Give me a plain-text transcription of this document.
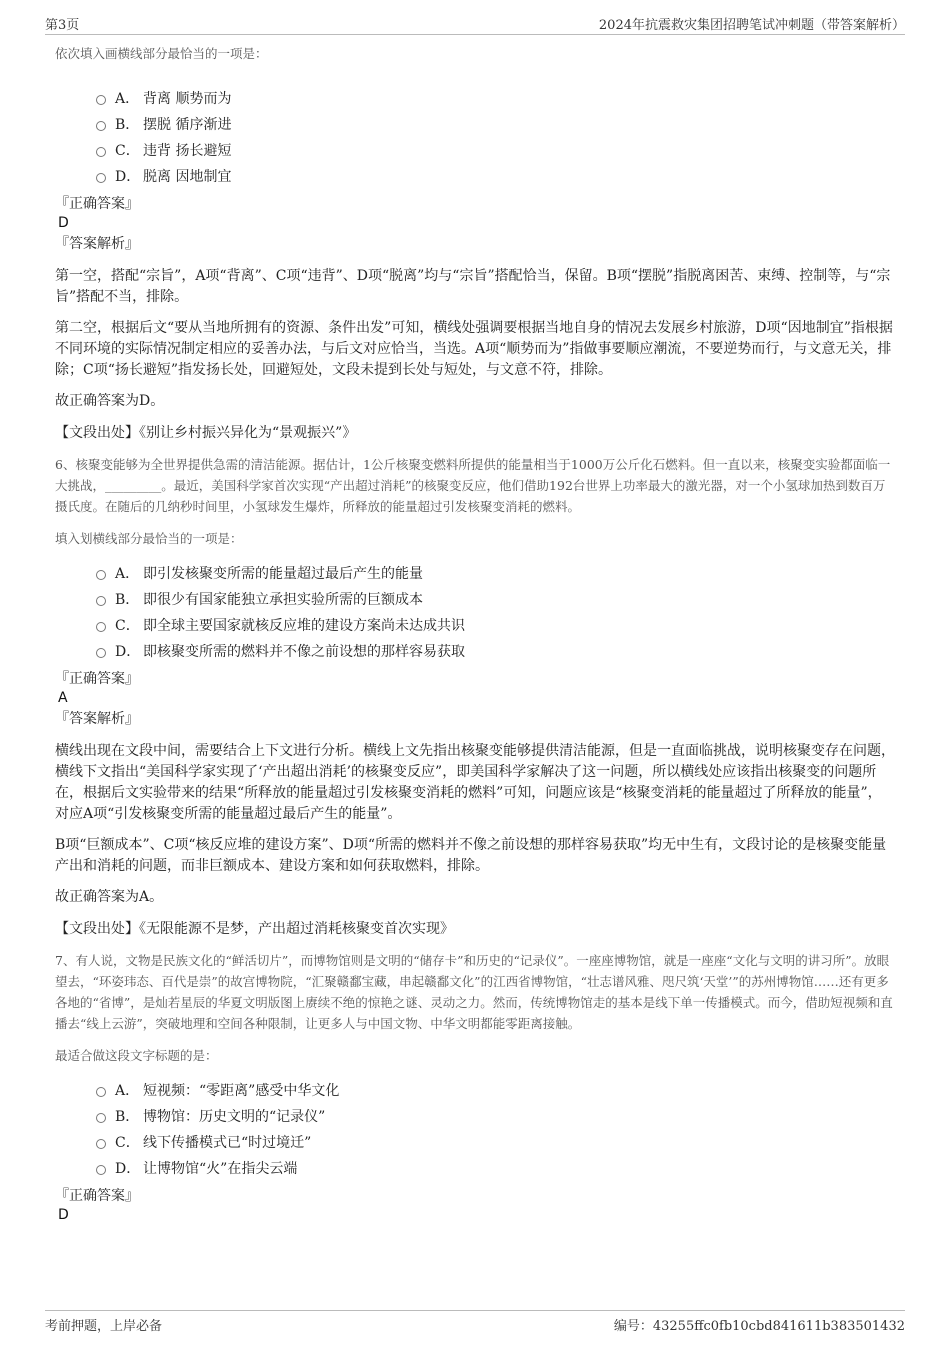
第3页	2024年抗震救灾集团招聘笔试冲刺题（带答案解析）

依次填入画横线部分最恰当的一项是：

A． 背离 顺势而为
B． 摆脱 循序渐进
C． 违背 扬长避短
D． 脱离 因地制宜

『正确答案』

D

『答案解析』

第一空，搭配“宗旨”，A项“背离”、C项“违背”、D项“脱离”均与“宗旨”搭配恰当，保留。B项“摆脱”指脱离困苦、束缚、控制等，与“宗旨”搭配不当，排除。

第二空，根据后文“要从当地所拥有的资源、条件出发”可知，横线处强调要根据当地自身的情况去发展乡村旅游，D项“因地制宜”指根据不同环境的实际情况制定相应的妥善办法，与后文对应恰当，当选。A项“顺势而为”指做事要顺应潮流，不要逆势而行，与文意无关，排除；C项“扬长避短”指发扬长处，回避短处，文段未提到长处与短处，与文意不符，排除。

故正确答案为D。

【文段出处】《别让乡村振兴异化为“景观振兴”》

6、核聚变能够为全世界提供急需的清洁能源。据估计，1公斤核聚变燃料所提供的能量相当于1000万公斤化石燃料。但一直以来，核聚变实验都面临一大挑战，_________。最近，美国科学家首次实现“产出超过消耗”的核聚变反应，他们借助192台世界上功率最大的激光器，对一个小氢球加热到数百万摄氏度。在随后的几纳秒时间里，小氢球发生爆炸，所释放的能量超过引发核聚变消耗的燃料。

填入划横线部分最恰当的一项是：

A． 即引发核聚变所需的能量超过最后产生的能量
B． 即很少有国家能独立承担实验所需的巨额成本
C． 即全球主要国家就核反应堆的建设方案尚未达成共识
D． 即核聚变所需的燃料并不像之前设想的那样容易获取

『正确答案』

A

『答案解析』

横线出现在文段中间，需要结合上下文进行分析。横线上文先指出核聚变能够提供清洁能源，但是一直面临挑战，说明核聚变存在问题，横线下文指出“美国科学家实现了‘产出超出消耗’的核聚变反应”，即美国科学家解决了这一问题，所以横线处应该指出核聚变的问题所在，根据后文实验带来的结果“所释放的能量超过引发核聚变消耗的燃料”可知，问题应该是“核聚变消耗的能量超过了所释放的能量”，对应A项“引发核聚变所需的能量超过最后产生的能量”。

B项“巨额成本”、C项“核反应堆的建设方案”、D项“所需的燃料并不像之前设想的那样容易获取”均无中生有，文段讨论的是核聚变能量产出和消耗的问题，而非巨额成本、建设方案和如何获取燃料，排除。

故正确答案为A。

【文段出处】《无限能源不是梦，产出超过消耗核聚变首次实现》

7、有人说，文物是民族文化的“鲜活切片”，而博物馆则是文明的“储存卡”和历史的“记录仪”。一座座博物馆，就是一座座“文化与文明的讲习所”。放眼望去，“环姿玮态、百代是崇”的故宫博物院，“汇聚赣鄱宝藏，串起赣鄱文化”的江西省博物馆，“壮志谱风雅、咫尺筑‘天堂’”的苏州博物馆……还有更多各地的“省博”，是灿若星辰的华夏文明版图上赓续不绝的惊艳之谜、灵动之力。然而，传统博物馆走的基本是线下单一传播模式。而今，借助短视频和直播去“线上云游”，突破地理和空间各种限制，让更多人与中国文物、中华文明都能零距离接触。

最适合做这段文字标题的是：

A． 短视频：“零距离”感受中华文化
B． 博物馆：历史文明的“记录仪”
C． 线下传播模式已“时过境迁”
D． 让博物馆“火”在指尖云端

『正确答案』

D

考前押题，上岸必备	编号：43255ffc0fb10cbd841611b383501432
